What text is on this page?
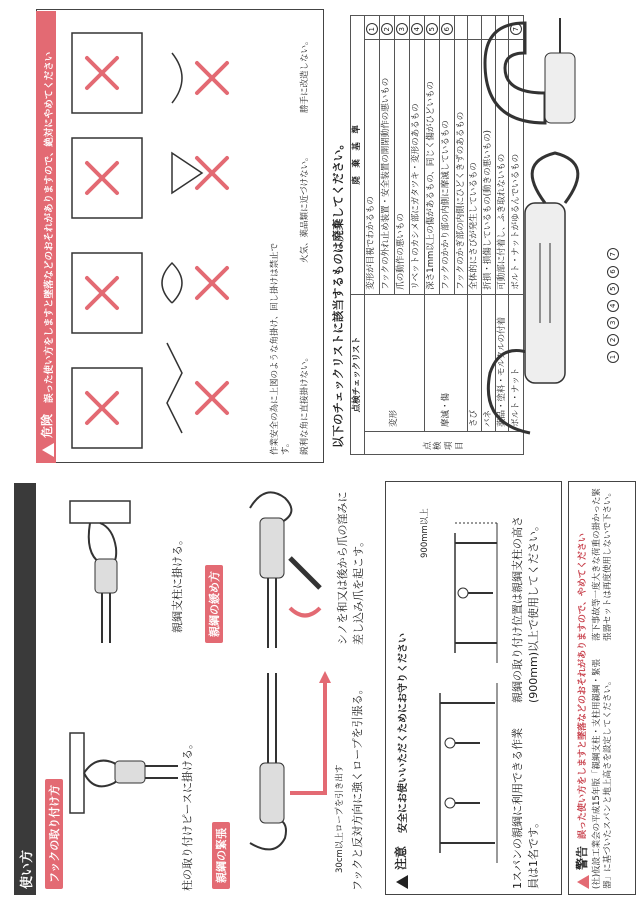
使い方 フックの取り付け方	柱の取り付けピースに掛ける。
親綱支柱に掛ける。
親綱の緊張	30cm以上ロープを引き出す フックと反対方向に強くロープを引張る。
親綱の緩め方	シノを和又は後から爪の窪みに差し込み爪を起こす。
注意
安全にお使いいただくためにお守りください
900mm以上
1スパンの親綱に利用できる作業員は1名です。
親綱の取り付け位置は親綱支柱の高さ(900mm)以上で使用してください。
警告
誤った使い方をしますと墜落などのおそれがありますので、やめてください (社)仮設工業会の平成15年版「親綱支柱・支柱用親綱・緊張器」に基づいたスパンと地上高さを設定してください。
落下事故等一度大きな荷重の掛かった緊張器セットは再度使用しないで下さい。
危険
誤った使い方をしますと墜落などのおそれがありますので、絶対にやめてください	作業安全の為に上図のような角掛け、回し掛けは禁止です。 鋭利な角に直接掛けない。
火気、薬品類に近づけない。
勝手に改造しない。
以下のチェックリストに該当するものは廃棄してください。 点検チェックリスト		廃　棄　基　準	
点検項目	変形	変形が目視でわかるもの	1
		フックの外れ止め装置・安全装置の開閉動作の悪いもの	2
		爪の動作の悪いもの	3
		リベットのカシメ部にガタツキ・変形のあるもの	4
	摩滅・傷	深さ1mm以上の傷があるもの、同じく傷がひどいもの	5
		フックのかかり部の内側に摩滅しているもの	6
		フックのかぎ部の内側にひどくきずのあるもの	
	さび	全体的にさびが発生しているもの	
	バネ	折損・損傷しているもの(動きの悪いもの)	
	薬品・塗料・モルタルの付着	可動部に付着し、ふき取れないもの	
	ボルト・ナット	ボルト・ナットがゆるんでいるもの	7
1 2 3 4 5 6 7
